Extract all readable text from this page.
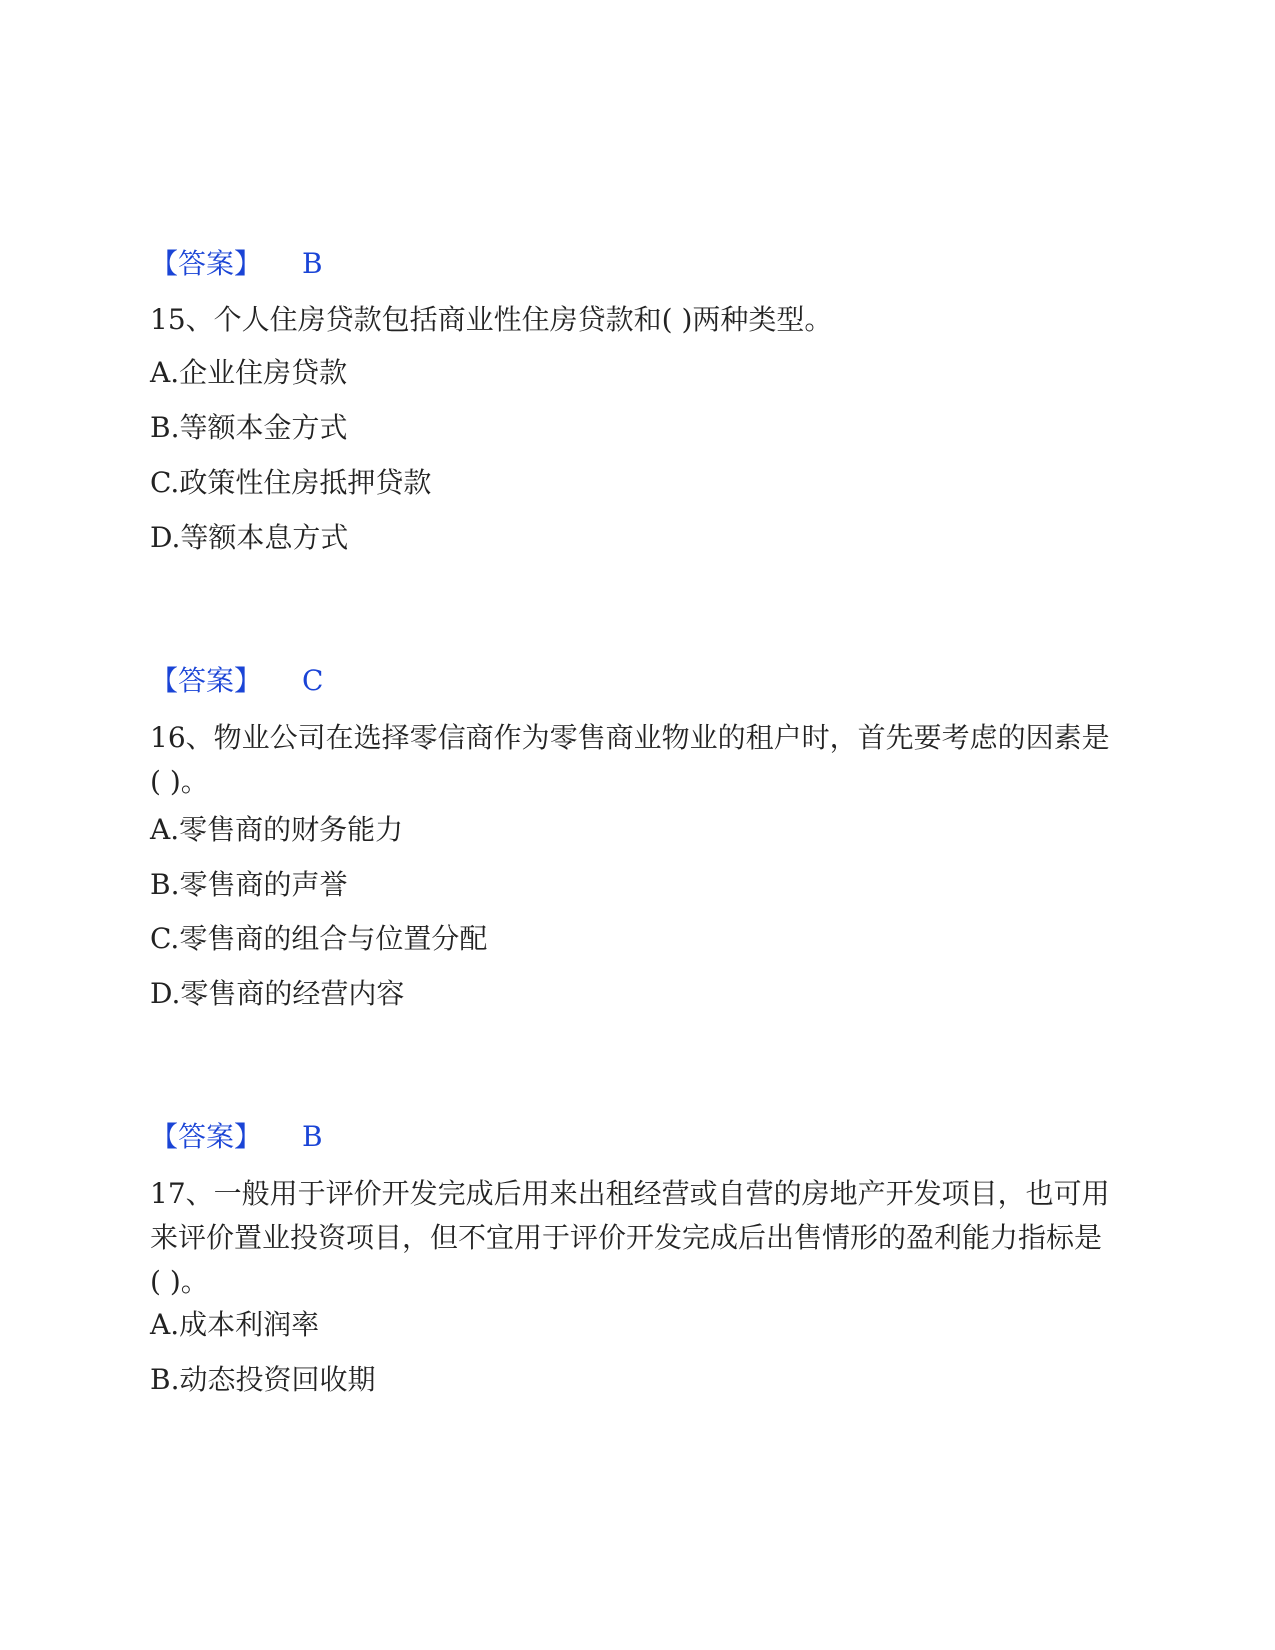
【答案】 B
15、个人住房贷款包括商业性住房贷款和( )两种类型。
A.企业住房贷款
B.等额本金方式
C.政策性住房抵押贷款
D.等额本息方式
【答案】 C
16、物业公司在选择零信商作为零售商业物业的租户时，首先要考虑的因素是( )。
A.零售商的财务能力
B.零售商的声誉
C.零售商的组合与位置分配
D.零售商的经营内容
【答案】 B
17、一般用于评价开发完成后用来出租经营或自营的房地产开发项目，也可用来评价置业投资项目，但不宜用于评价开发完成后出售情形的盈利能力指标是( )。
A.成本利润率
B.动态投资回收期
